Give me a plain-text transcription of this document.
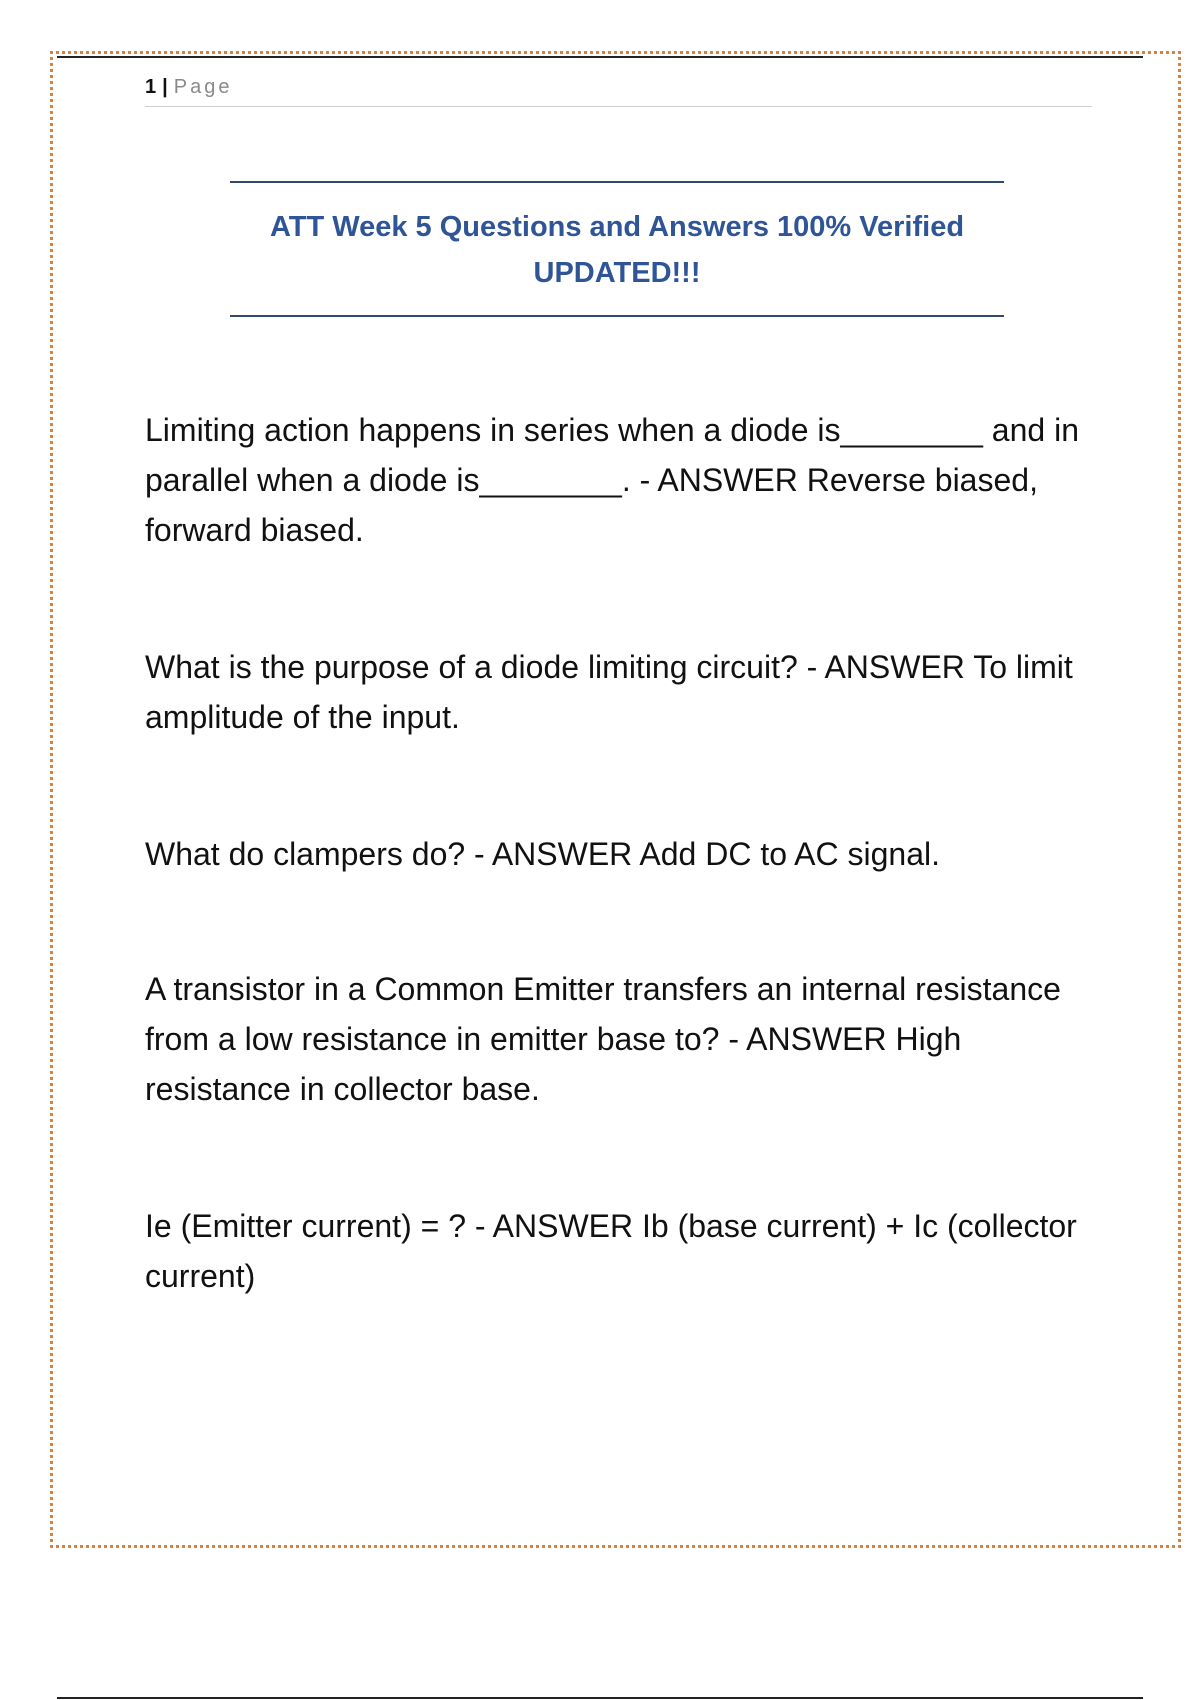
1 | Page
ATT Week 5 Questions and Answers 100% Verified UPDATED!!!

Limiting action happens in series when a diode is________ and in parallel when a diode is________. - ANSWER Reverse biased, forward biased.

What is the purpose of a diode limiting circuit? - ANSWER To limit amplitude of the input.

What do clampers do? - ANSWER Add DC to AC signal.

A transistor in a Common Emitter transfers an internal resistance from a low resistance in emitter base to? - ANSWER High resistance in collector base.

Ie (Emitter current) = ? - ANSWER Ib (base current) + Ic (collector current)
